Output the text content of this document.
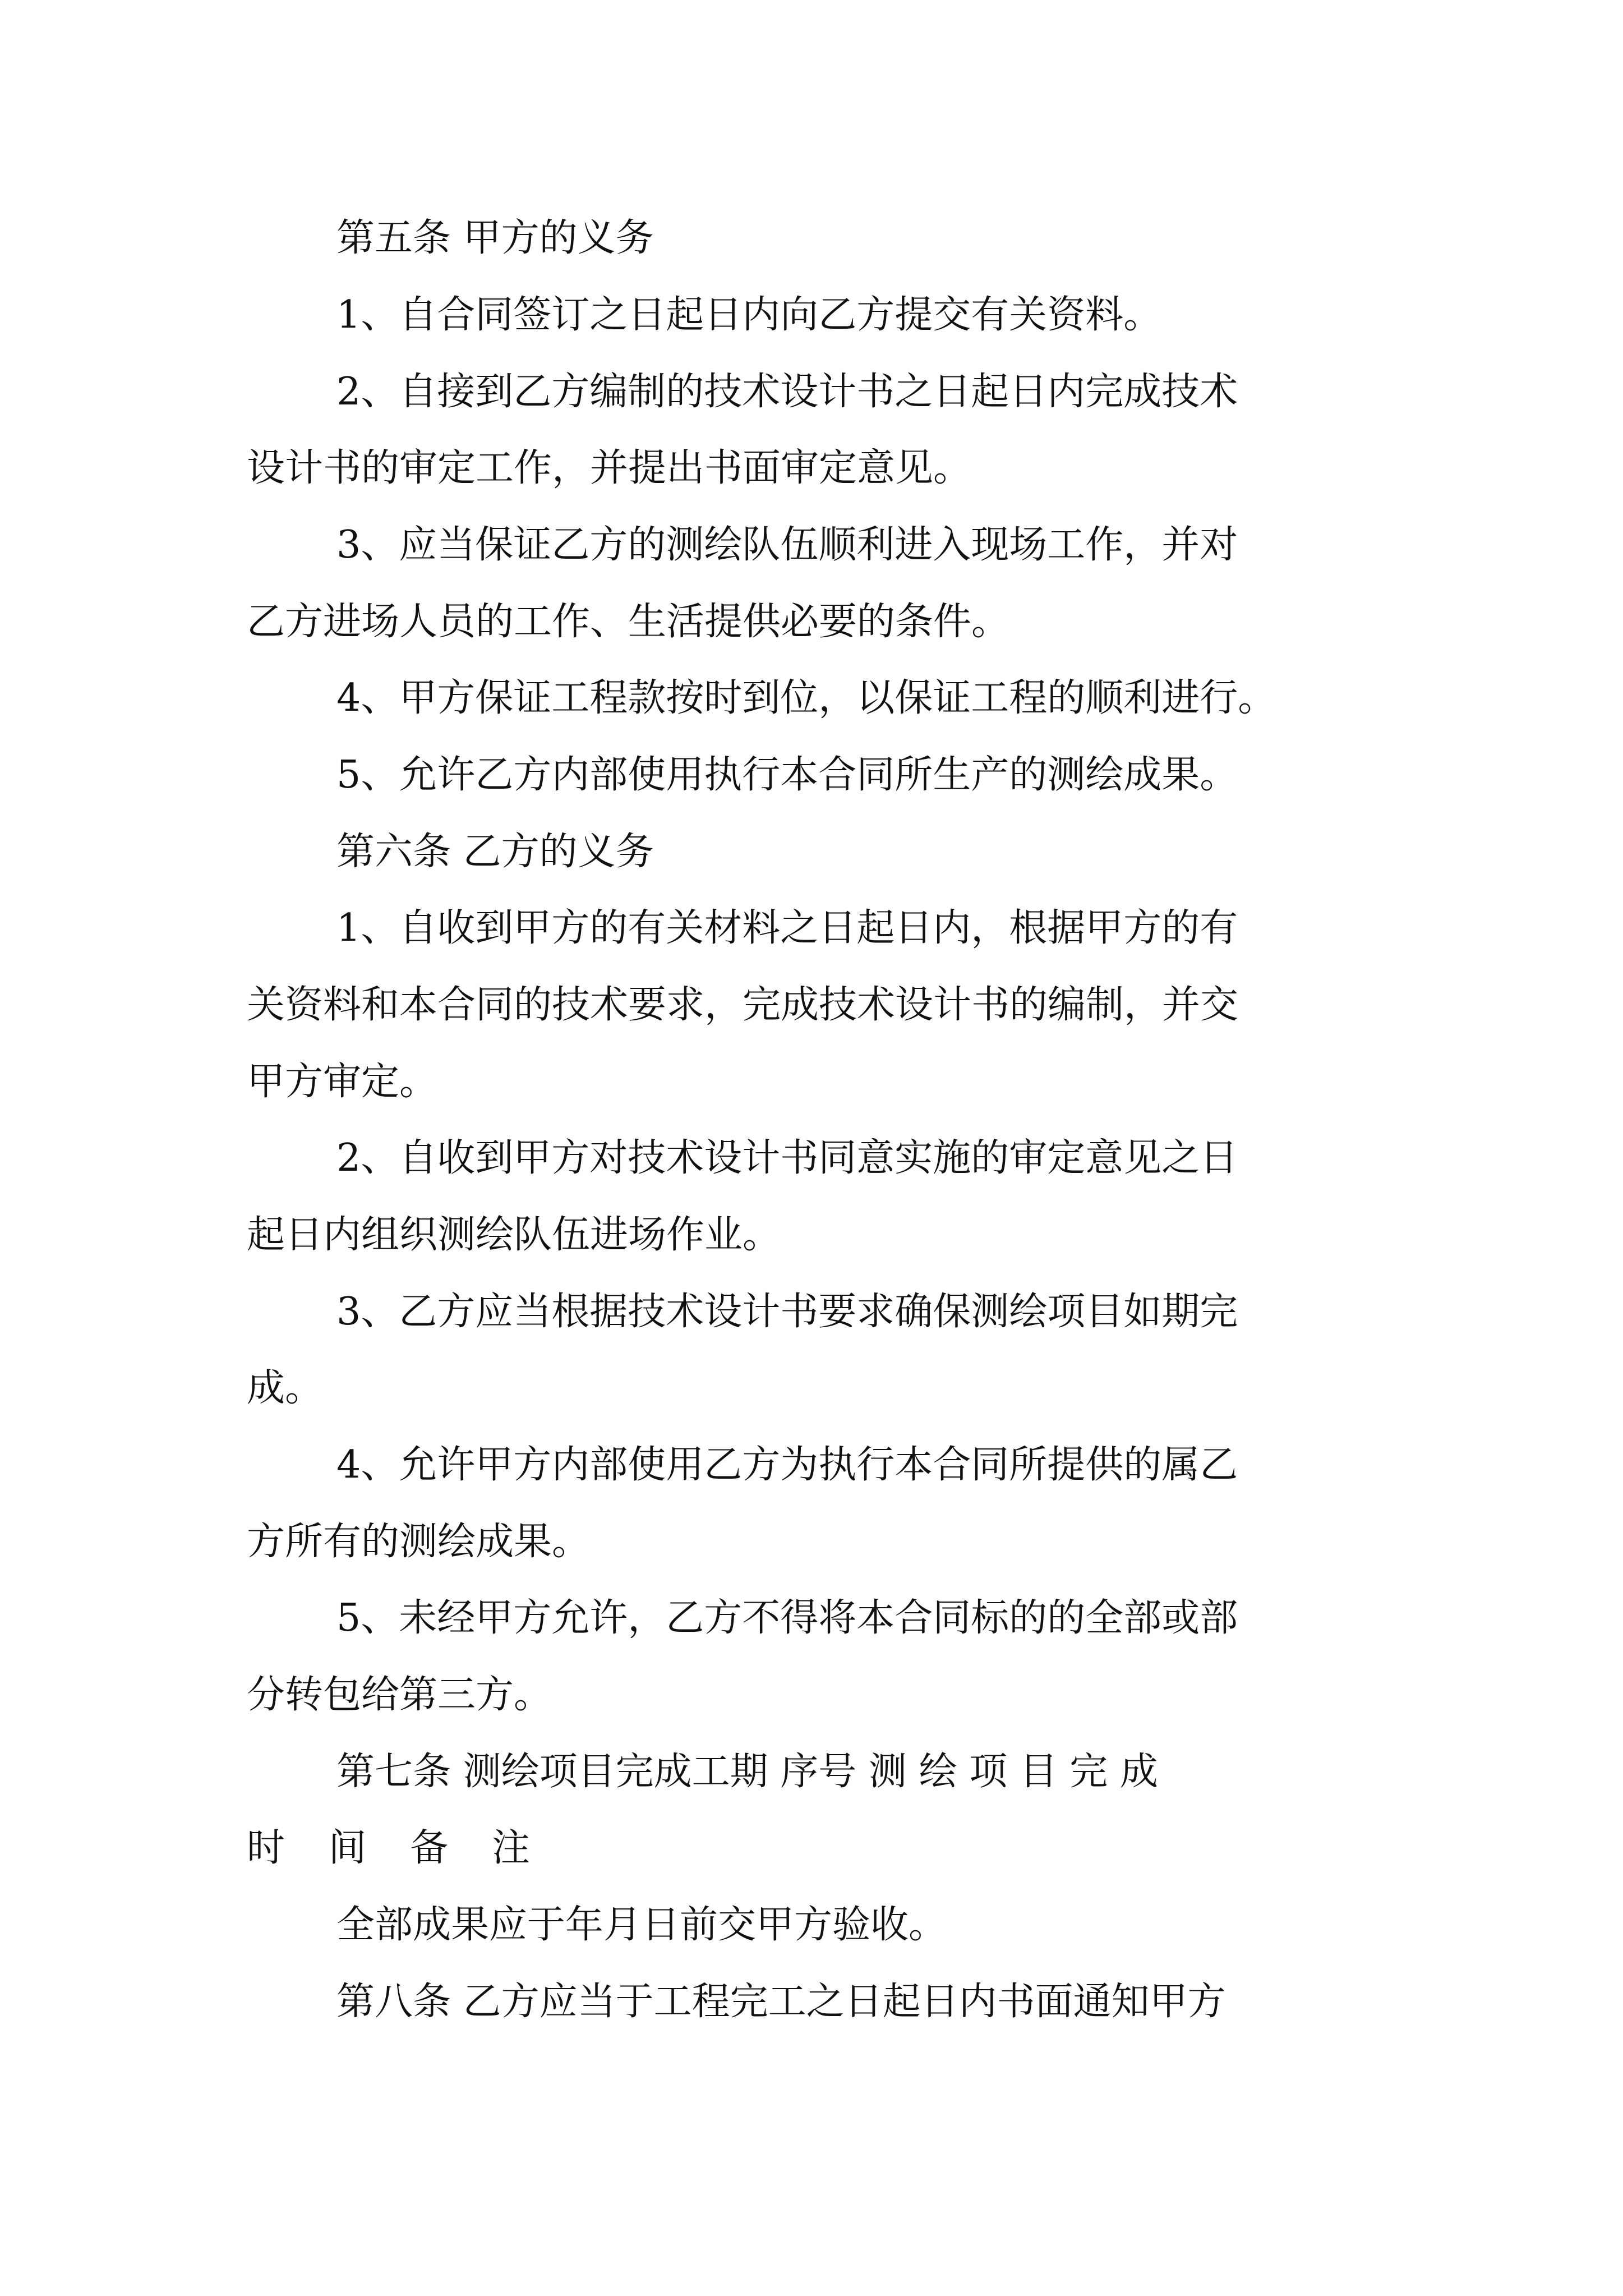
第五条 甲方的义务
1、自合同签订之日起日内向乙方提交有关资料。
2、自接到乙方编制的技术设计书之日起日内完成技术
设计书的审定工作，并提出书面审定意见。
3、应当保证乙方的测绘队伍顺利进入现场工作，并对
乙方进场人员的工作、生活提供必要的条件。
4、甲方保证工程款按时到位，以保证工程的顺利进行。
5、允许乙方内部使用执行本合同所生产的测绘成果。
第六条 乙方的义务
1、自收到甲方的有关材料之日起日内，根据甲方的有
关资料和本合同的技术要求，完成技术设计书的编制，并交
甲方审定。
2、自收到甲方对技术设计书同意实施的审定意见之日
起日内组织测绘队伍进场作业。
3、乙方应当根据技术设计书要求确保测绘项目如期完
成。
4、允许甲方内部使用乙方为执行本合同所提供的属乙
方所有的测绘成果。
5、未经甲方允许，乙方不得将本合同标的的全部或部
分转包给第三方。
第七条 测绘项目完成工期 序号 测 绘 项 目 完 成
时 间 备 注
全部成果应于年月日前交甲方验收。
第八条 乙方应当于工程完工之日起日内书面通知甲方
